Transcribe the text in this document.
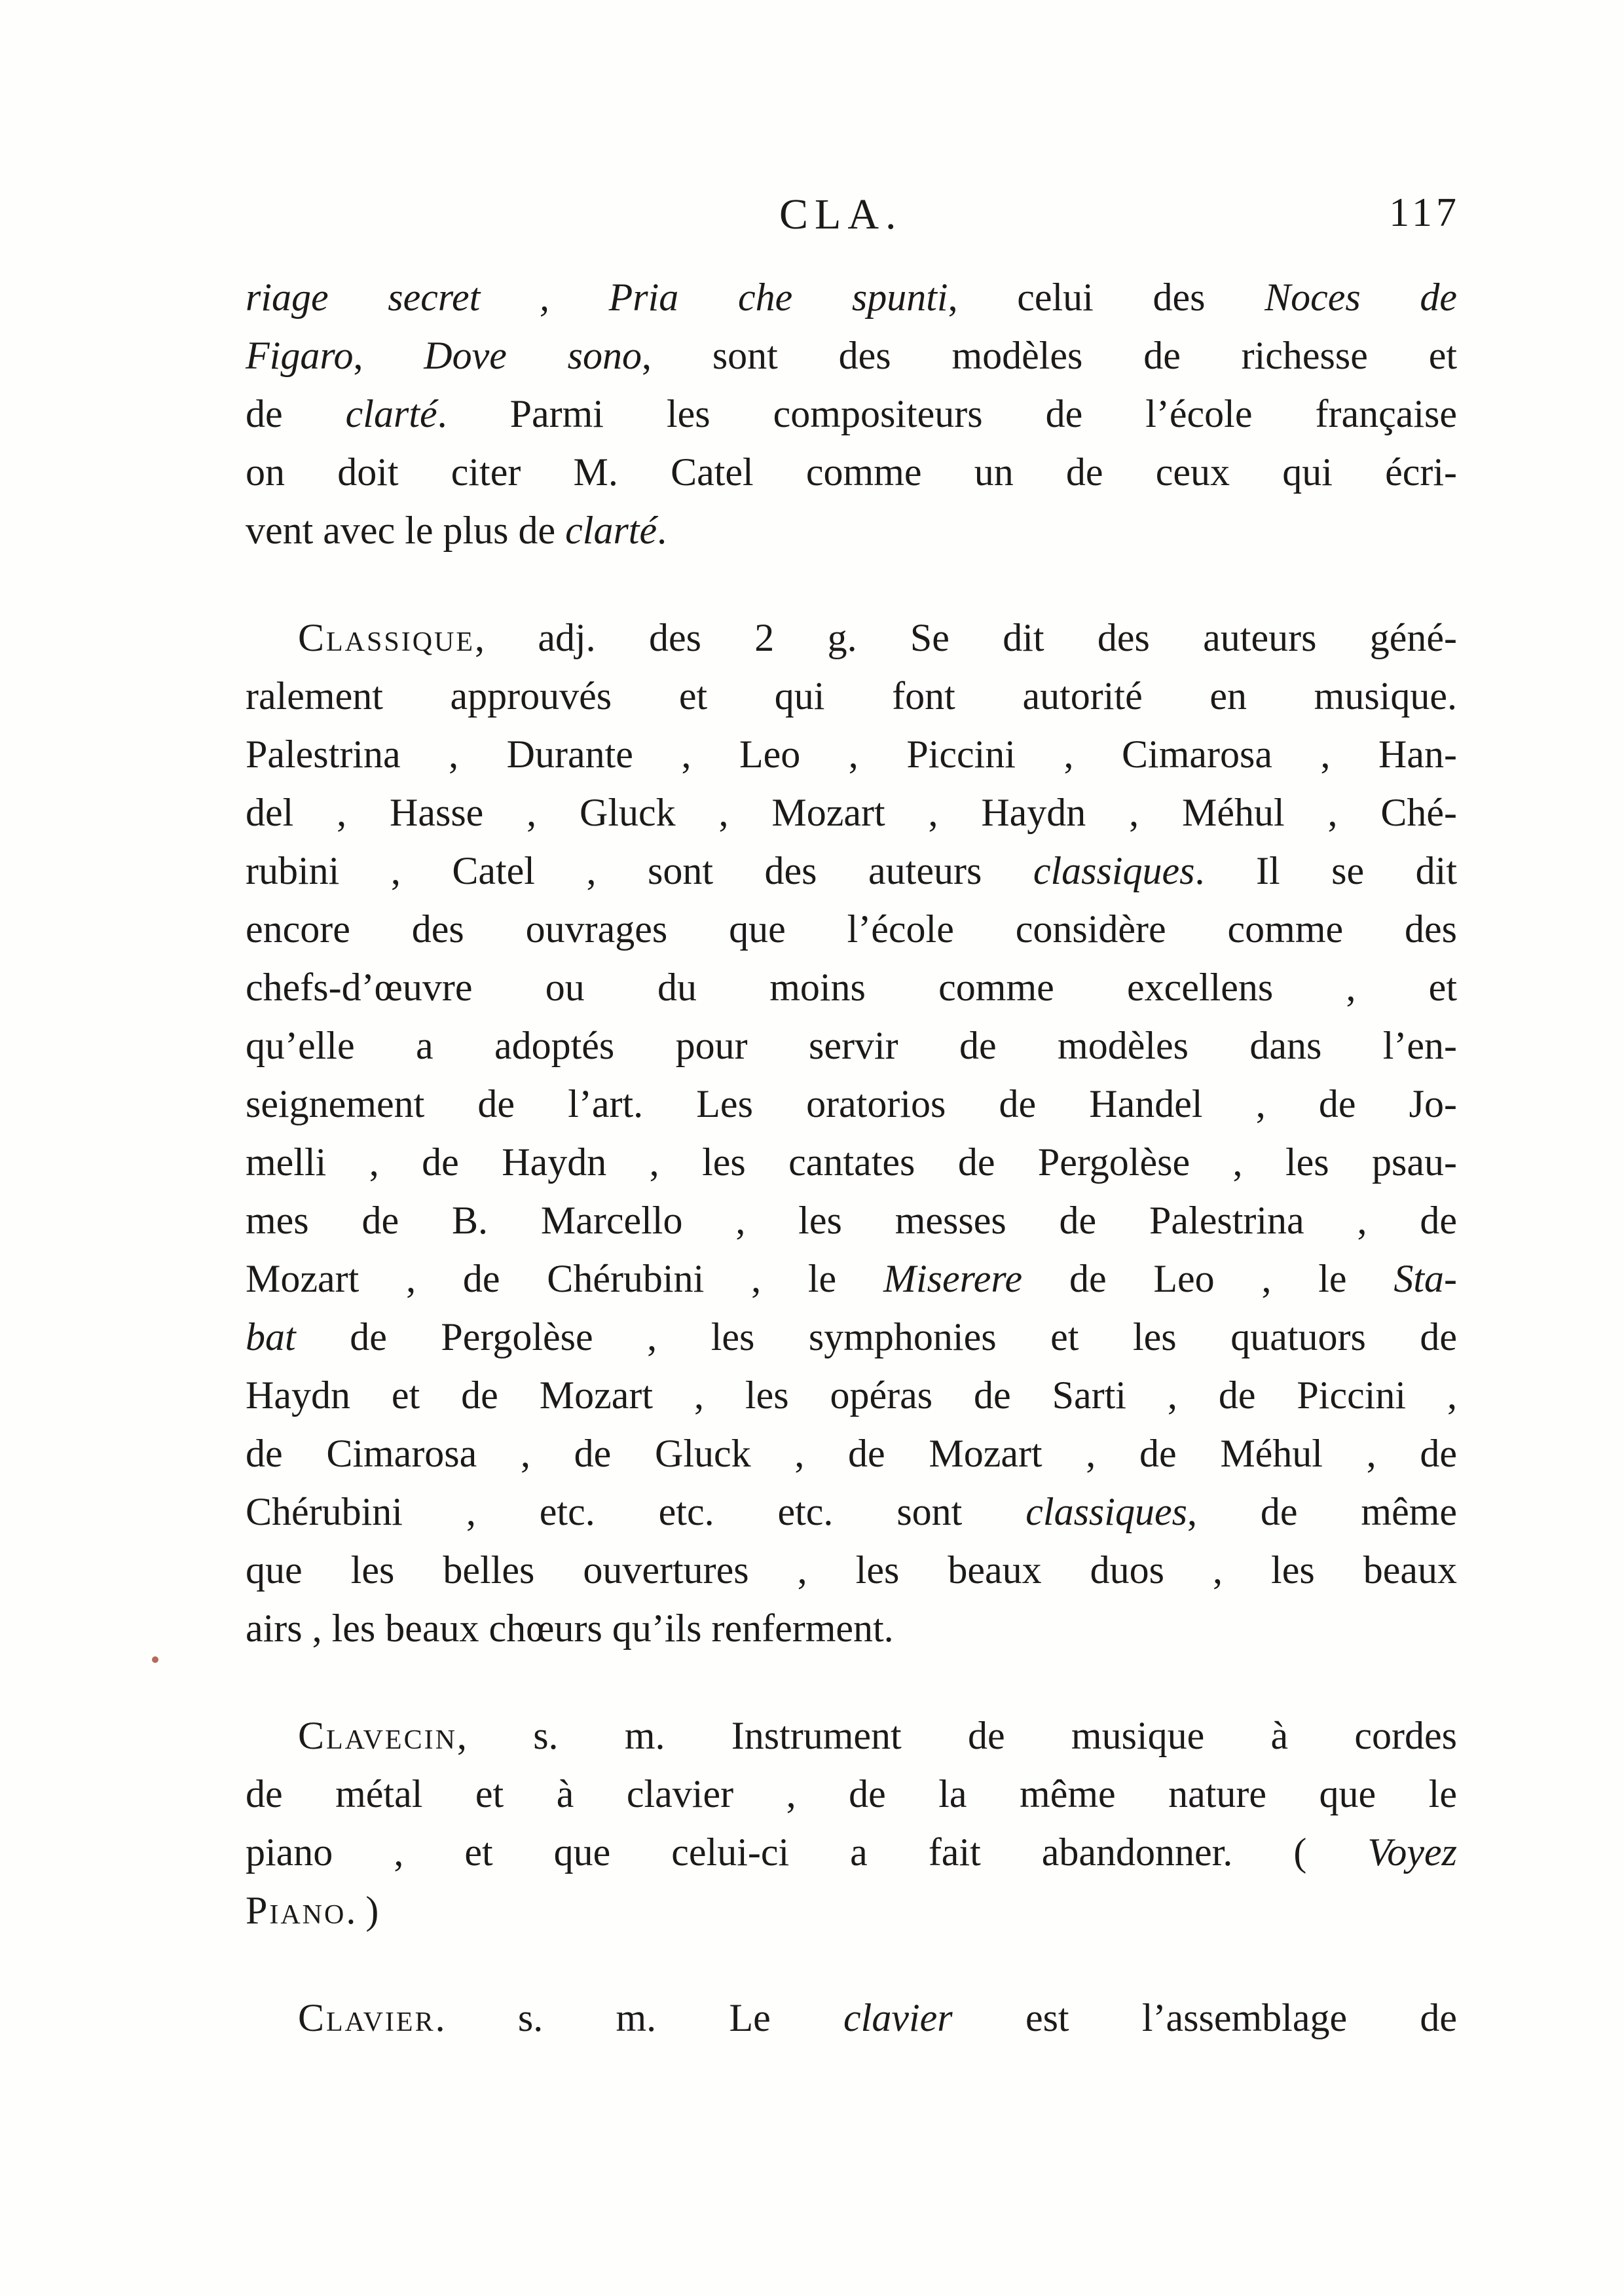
CLA.	117
riage secret , Pria che spunti, celui des Noces de
Figaro, Dove sono, sont des modèles de richesse et
de clarté. Parmi les compositeurs de l’école française
on doit citer M. Catel comme un de ceux qui écri-
vent avec le plus de clarté.
Classique, adj. des 2 g. Se dit des auteurs géné-
ralement approuvés et qui font autorité en musique.
Palestrina , Durante , Leo , Piccini , Cimarosa , Han-
del , Hasse , Gluck , Mozart , Haydn , Méhul , Ché-
rubini , Catel , sont des auteurs classiques. Il se dit
encore des ouvrages que l’école considère comme des
chefs-d’œuvre ou du moins comme excellens , et
qu’elle a adoptés pour servir de modèles dans l’en-
seignement de l’art. Les oratorios de Handel , de Jo-
melli , de Haydn , les cantates de Pergolèse , les psau-
mes de B. Marcello , les messes de Palestrina , de
Mozart , de Chérubini , le Miserere de Leo , le Sta-
bat de Pergolèse , les symphonies et les quatuors de
Haydn et de Mozart , les opéras de Sarti , de Piccini ,
de Cimarosa , de Gluck , de Mozart , de Méhul , de
Chérubini , etc. etc. etc. sont classiques, de même
que les belles ouvertures , les beaux duos , les beaux
airs , les beaux chœurs qu’ils renferment.
Clavecin, s. m. Instrument de musique à cordes
de métal et à clavier , de la même nature que le
piano , et que celui-ci a fait abandonner. ( Voyez
Piano. )
Clavier. s. m. Le clavier est l’assemblage de
